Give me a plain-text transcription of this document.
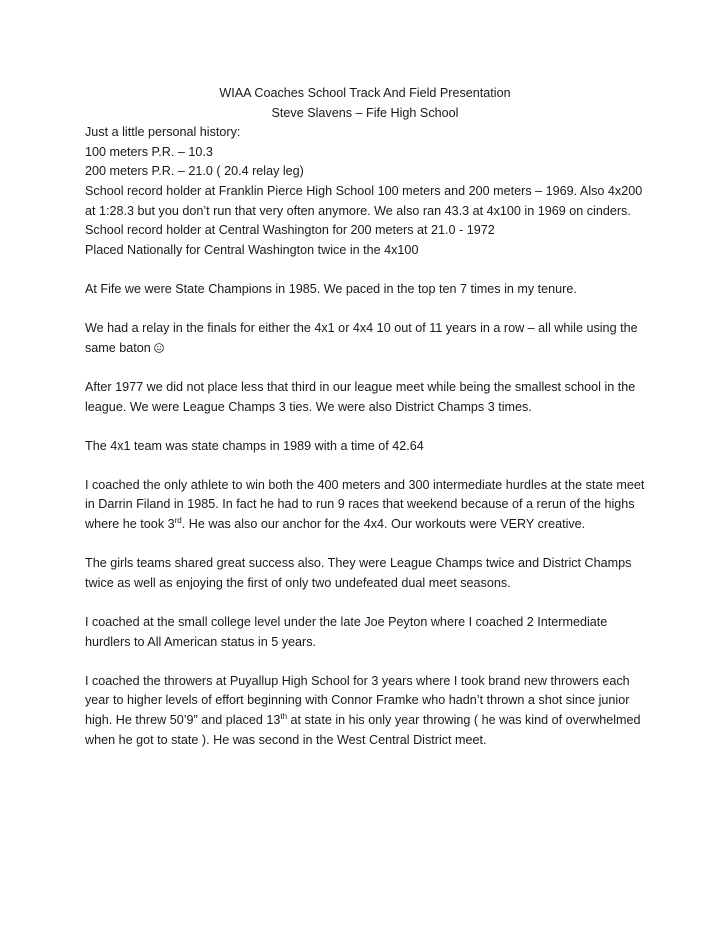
WIAA Coaches School Track And Field Presentation

Steve Slavens – Fife High School

Just a little personal history:

100 meters P.R. – 10.3

200 meters P.R. – 21.0 ( 20.4 relay leg)

School record holder at Franklin Pierce High School 100 meters and 200 meters – 1969. Also 4x200 at 1:28.3 but you don’t run that very often anymore. We also ran 43.3 at 4x100 in 1969 on cinders.

School record holder at Central Washington for 200 meters at 21.0 - 1972

Placed Nationally for Central Washington twice in the 4x100

At Fife we were State Champions in 1985. We paced in the top ten 7 times in my tenure.

We had a relay in the finals for either the 4x1 or 4x4 10 out of 11 years in a row – all while using the same baton

After 1977 we did not place less that third in our league meet while being the smallest school in the league. We were League Champs 3 ties. We were also District Champs 3 times.

The 4x1 team was state champs in 1989 with a time of 42.64

I coached the only athlete to win both the 400 meters and 300 intermediate hurdles at the state meet in Darrin Filand in 1985. In fact he had to run 9 races that weekend because of a rerun of the highs where he took 3rd. He was also our anchor for the 4x4. Our workouts were VERY creative.

The girls teams shared great success also. They were League Champs twice and District Champs twice as well as enjoying the first of only two undefeated dual meet seasons.

I coached at the small college level under the late Joe Peyton where I coached 2 Intermediate hurdlers to All American status in 5 years.

I coached the throwers at Puyallup High School for 3 years where I took brand new throwers each year to higher levels of effort beginning with Connor Framke who hadn’t thrown a shot since junior high. He threw 50’9” and placed 13th at state in his only year throwing ( he was kind of overwhelmed when he got to state ). He was second in the West Central District meet.
